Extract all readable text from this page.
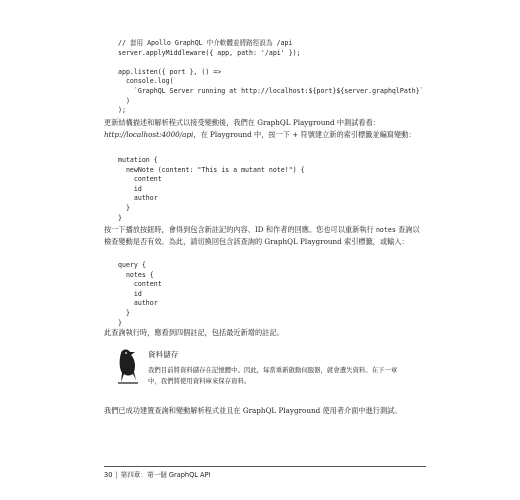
// 套用 Apollo GraphQL 中介軟體並將路徑設為 /api
server.applyMiddleware({ app, path: '/api' });

app.listen({ port }, () =>
console.log(
`GraphQL Server running at http://localhost:${port}${server.graphqlPath}`
)
);
更新結構描述和解析程式以接受變動後，我們在 GraphQL Playground 中測試看看：http://localhost:4000/api，在 Playground 中，按一下 + 符號建立新的索引標籤並編寫變動：
mutation {
newNote (content: "This is a mutant note!") {
content
id
author
}
}
按一下播放按鈕時，會得到包含新註記的內容、ID 和作者的回應。您也可以重新執行 notes 查詢以檢查變動是否有效。為此，請切換回包含該查詢的 GraphQL Playground 索引標籤，或輸入：
query {
notes {
content
id
author
}
}
此查詢執行時，應看到四個註記，包括最近新增的註記。
資料儲存
我們目前將資料儲存在記憶體中。因此，每當重新啟動伺服器，就會遺失資料。在下一章中，我們將使用資料庫來保存資料。
我們已成功建置查詢和變動解析程式並且在 GraphQL Playground 使用者介面中進行測試。
30 | 第四章：第一個 GraphQL API
